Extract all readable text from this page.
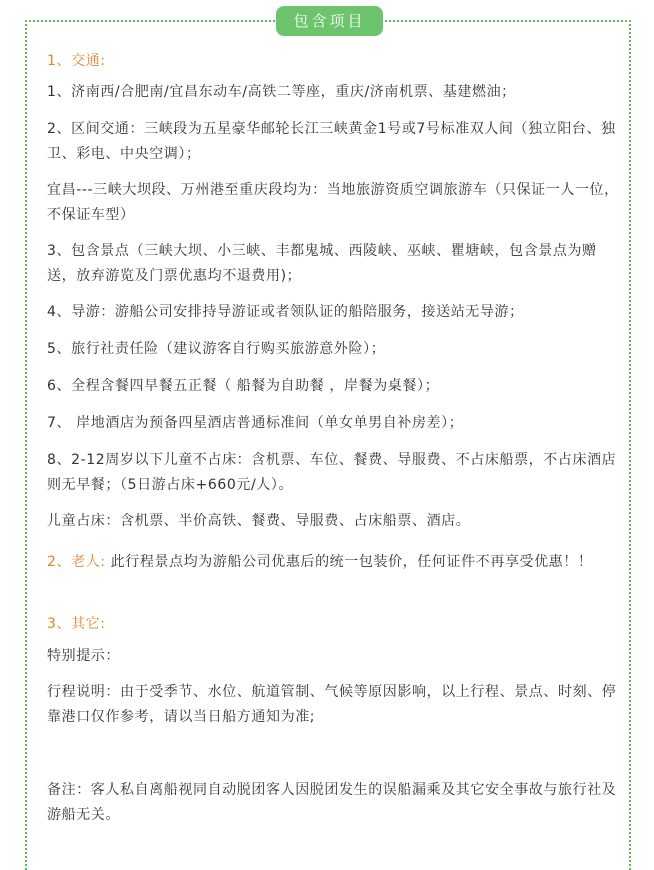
包含项目

1、交通:

1、济南西/合肥南/宜昌东动车/高铁二等座，重庆/济南机票、基建燃油；

2、区间交通：三峡段为五星豪华邮轮长江三峡黄金1号或7号标准双人间（独立阳台、独卫、彩电、中央空调）；

宜昌---三峡大坝段、万州港至重庆段均为：当地旅游资质空调旅游车（只保证一人一位，不保证车型）

3、包含景点（三峡大坝、小三峡、丰都鬼城、西陵峡、巫峡、瞿塘峡，包含景点为赠送，放弃游览及门票优惠均不退费用)；

4、导游：游船公司安排持导游证或者领队证的船陪服务，接送站无导游；

5、旅行社责任险（建议游客自行购买旅游意外险）；

6、全程含餐四早餐五正餐（ 船餐为自助餐 ，岸餐为桌餐）；

7、 岸地酒店为预备四星酒店普通标准间（单女单男自补房差）；

8、2-12周岁以下儿童不占床：含机票、车位、餐费、导服费、不占床船票，不占床酒店则无早餐；（5日游占床+660元/人）。

儿童占床：含机票、半价高铁、餐费、导服费、占床船票、酒店。

2、老人: 此行程景点均为游船公司优惠后的统一包装价，任何证件不再享受优惠！！

3、其它:

特别提示：

行程说明：由于受季节、水位、航道管制、气候等原因影响，以上行程、景点、时刻、停靠港口仅作参考，请以当日船方通知为准;

备注：客人私自离船视同自动脱团客人因脱团发生的误船漏乘及其它安全事故与旅行社及游船无关。
